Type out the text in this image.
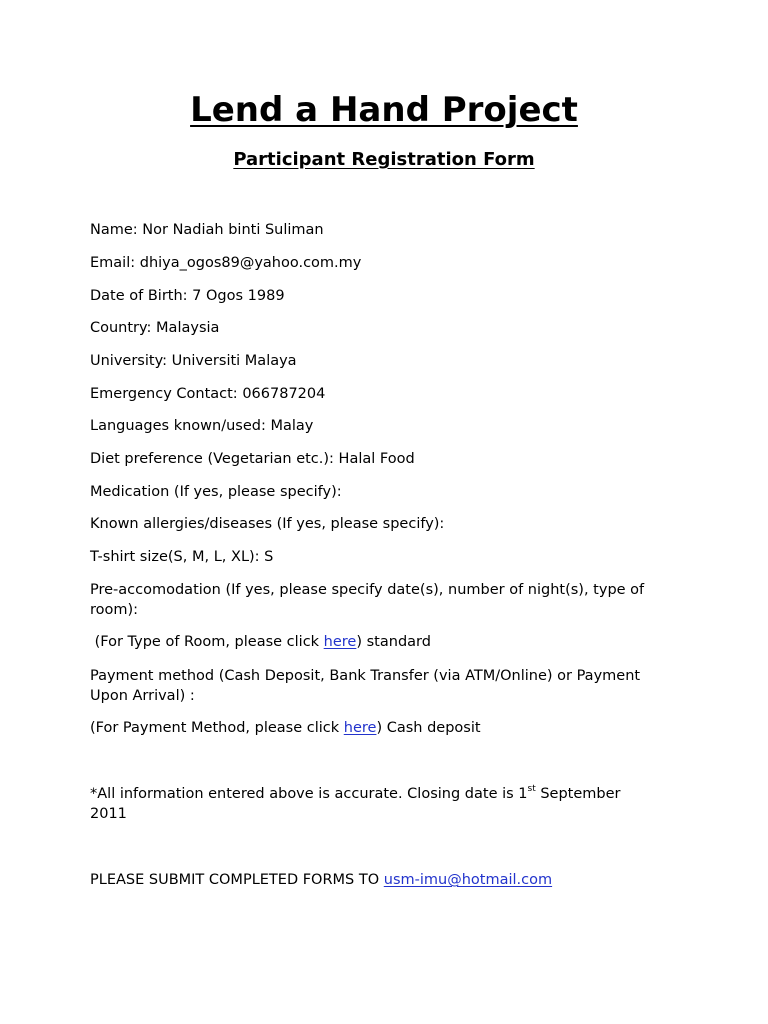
Lend a Hand Project
Participant Registration Form

Name: Nor Nadiah binti Suliman

Email: dhiya_ogos89@yahoo.com.my

Date of Birth: 7 Ogos 1989

Country: Malaysia

University: Universiti Malaya

Emergency Contact: 066787204

Languages known/used: Malay

Diet preference (Vegetarian etc.): Halal Food

Medication (If yes, please specify):

Known allergies/diseases (If yes, please specify):

T-shirt size(S, M, L, XL): S

Pre-accomodation (If yes, please specify date(s), number of night(s), type of room):

(For Type of Room, please click here) standard

Payment method (Cash Deposit, Bank Transfer (via ATM/Online) or Payment Upon Arrival) :

(For Payment Method, please click here) Cash deposit

*All information entered above is accurate. Closing date is 1st September 2011

PLEASE SUBMIT COMPLETED FORMS TO usm-imu@hotmail.com
